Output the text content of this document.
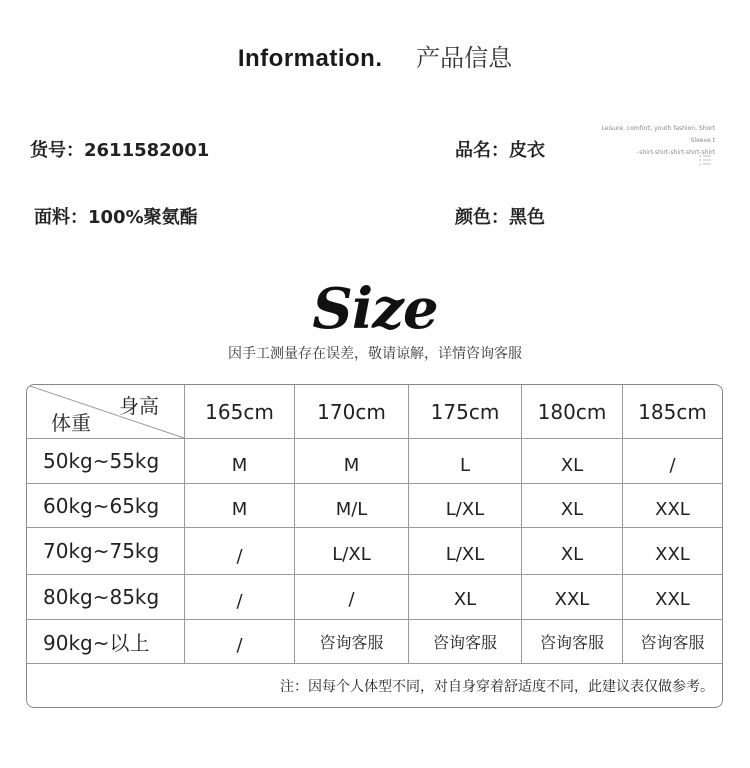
Information. 产品信息
Leisure, comfort, youth fashion, Short Sleeve t
-shirt-shirt-shirt-shirt-shirt
货号：2611582001	品名：皮衣
面料：100%聚氨酯	颜色：黑色
Size
因手工测量存在误差，敬请谅解，详情咨询客服
身高
体重	165cm	170cm	175cm	180cm	185cm
50kg~55kg	M	M	L	XL	/
60kg~65kg	M	M/L	L/XL	XL	XXL
70kg~75kg	/	L/XL	L/XL	XL	XXL
80kg~85kg	/	/	XL	XXL	XXL
90kg~以上	/	咨询客服	咨询客服	咨询客服	咨询客服
注：因每个人体型不同，对自身穿着舒适度不同，此建议表仅做参考。
